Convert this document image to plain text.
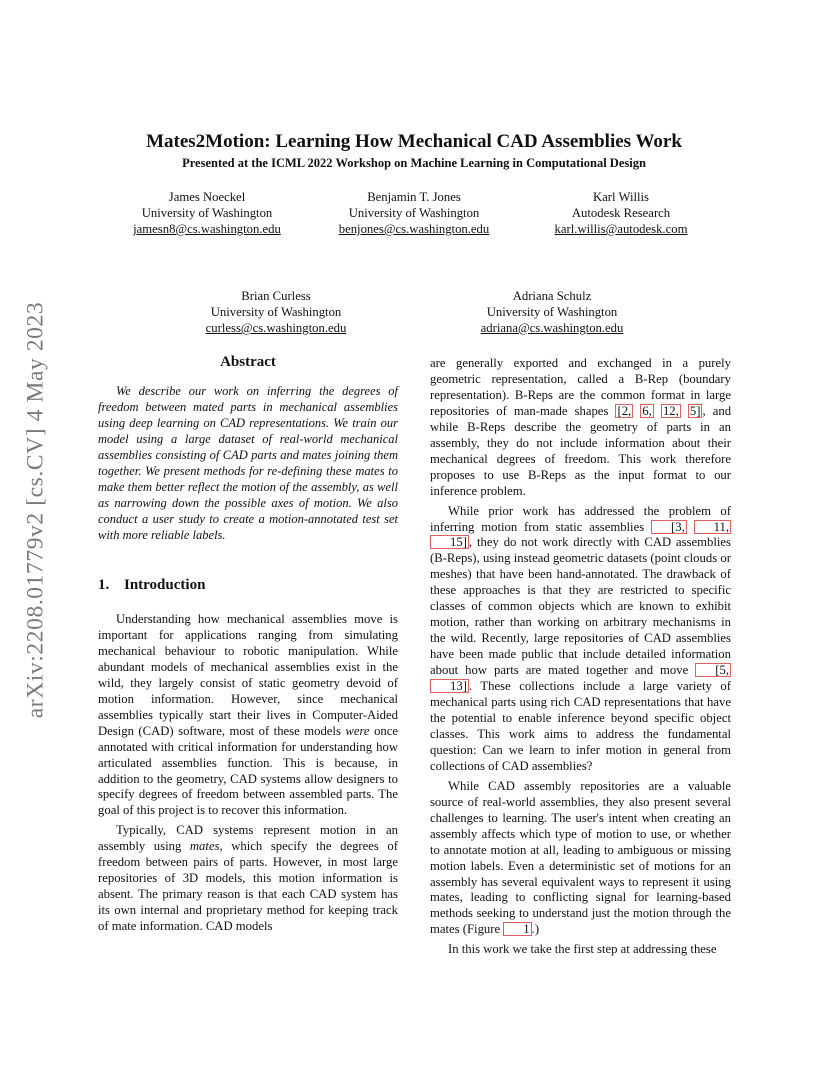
arXiv:2208.01779v2 [cs.CV] 4 May 2023
Mates2Motion: Learning How Mechanical CAD Assemblies Work
Presented at the ICML 2022 Workshop on Machine Learning in Computational Design
James Noeckel
University of Washington
jamesn8@cs.washington.edu
Benjamin T. Jones
University of Washington
benjones@cs.washington.edu
Karl Willis
Autodesk Research
karl.willis@autodesk.com
Brian Curless
University of Washington
curless@cs.washington.edu
Adriana Schulz
University of Washington
adriana@cs.washington.edu
Abstract

We describe our work on inferring the degrees of freedom between mated parts in mechanical assemblies using deep learning on CAD representations. We train our model using a large dataset of real-world mechanical assemblies consisting of CAD parts and mates joining them together. We present methods for re-defining these mates to make them better reflect the motion of the assembly, as well as narrowing down the possible axes of motion. We also conduct a user study to create a motion-annotated test set with more reliable labels.

1. Introduction

Understanding how mechanical assemblies move is important for applications ranging from simulating mechanical behaviour to robotic manipulation. While abundant models of mechanical assemblies exist in the wild, they largely consist of static geometry devoid of motion information. However, since mechanical assemblies typically start their lives in Computer-Aided Design (CAD) software, most of these models were once annotated with critical information for understanding how articulated assemblies function. This is because, in addition to the geometry, CAD systems allow designers to specify degrees of freedom between assembled parts. The goal of this project is to recover this information.

Typically, CAD systems represent motion in an assembly using mates, which specify the degrees of freedom between pairs of parts. However, in most large repositories of 3D models, this motion information is absent. The primary reason is that each CAD system has its own internal and proprietary method for keeping track of mate information. CAD models

are generally exported and exchanged in a purely geometric representation, called a B-Rep (boundary representation). B-Reps are the common format in large repositories of man-made shapes [2, 6, 12, 5] , and while B-Reps describe the geometry of parts in an assembly, they do not include information about their mechanical degrees of freedom. This work therefore proposes to use B-Reps as the input format to our inference problem.

While prior work has addressed the problem of inferring motion from static assemblies [3, 11, 15] , they do not work directly with CAD assemblies (B-Reps), using instead geometric datasets (point clouds or meshes) that have been hand-annotated. The drawback of these approaches is that they are restricted to specific classes of common objects which are known to exhibit motion, rather than working on arbitrary mechanisms in the wild. Recently, large repositories of CAD assemblies have been made public that include detailed information about how parts are mated together and move [5, 13] . These collections include a large variety of mechanical parts using rich CAD representations that have the potential to enable inference beyond specific object classes. This work aims to address the fundamental question: Can we learn to infer motion in general from collections of CAD assemblies?

While CAD assembly repositories are a valuable source of real-world assemblies, they also present several challenges to learning. The user's intent when creating an assembly affects which type of motion to use, or whether to annotate motion at all, leading to ambiguous or missing motion labels. Even a deterministic set of motions for an assembly has several equivalent ways to represent it using mates, leading to conflicting signal for learning-based methods seeking to understand just the motion through the mates (Figure 1 .)

In this work we take the first step at addressing these
